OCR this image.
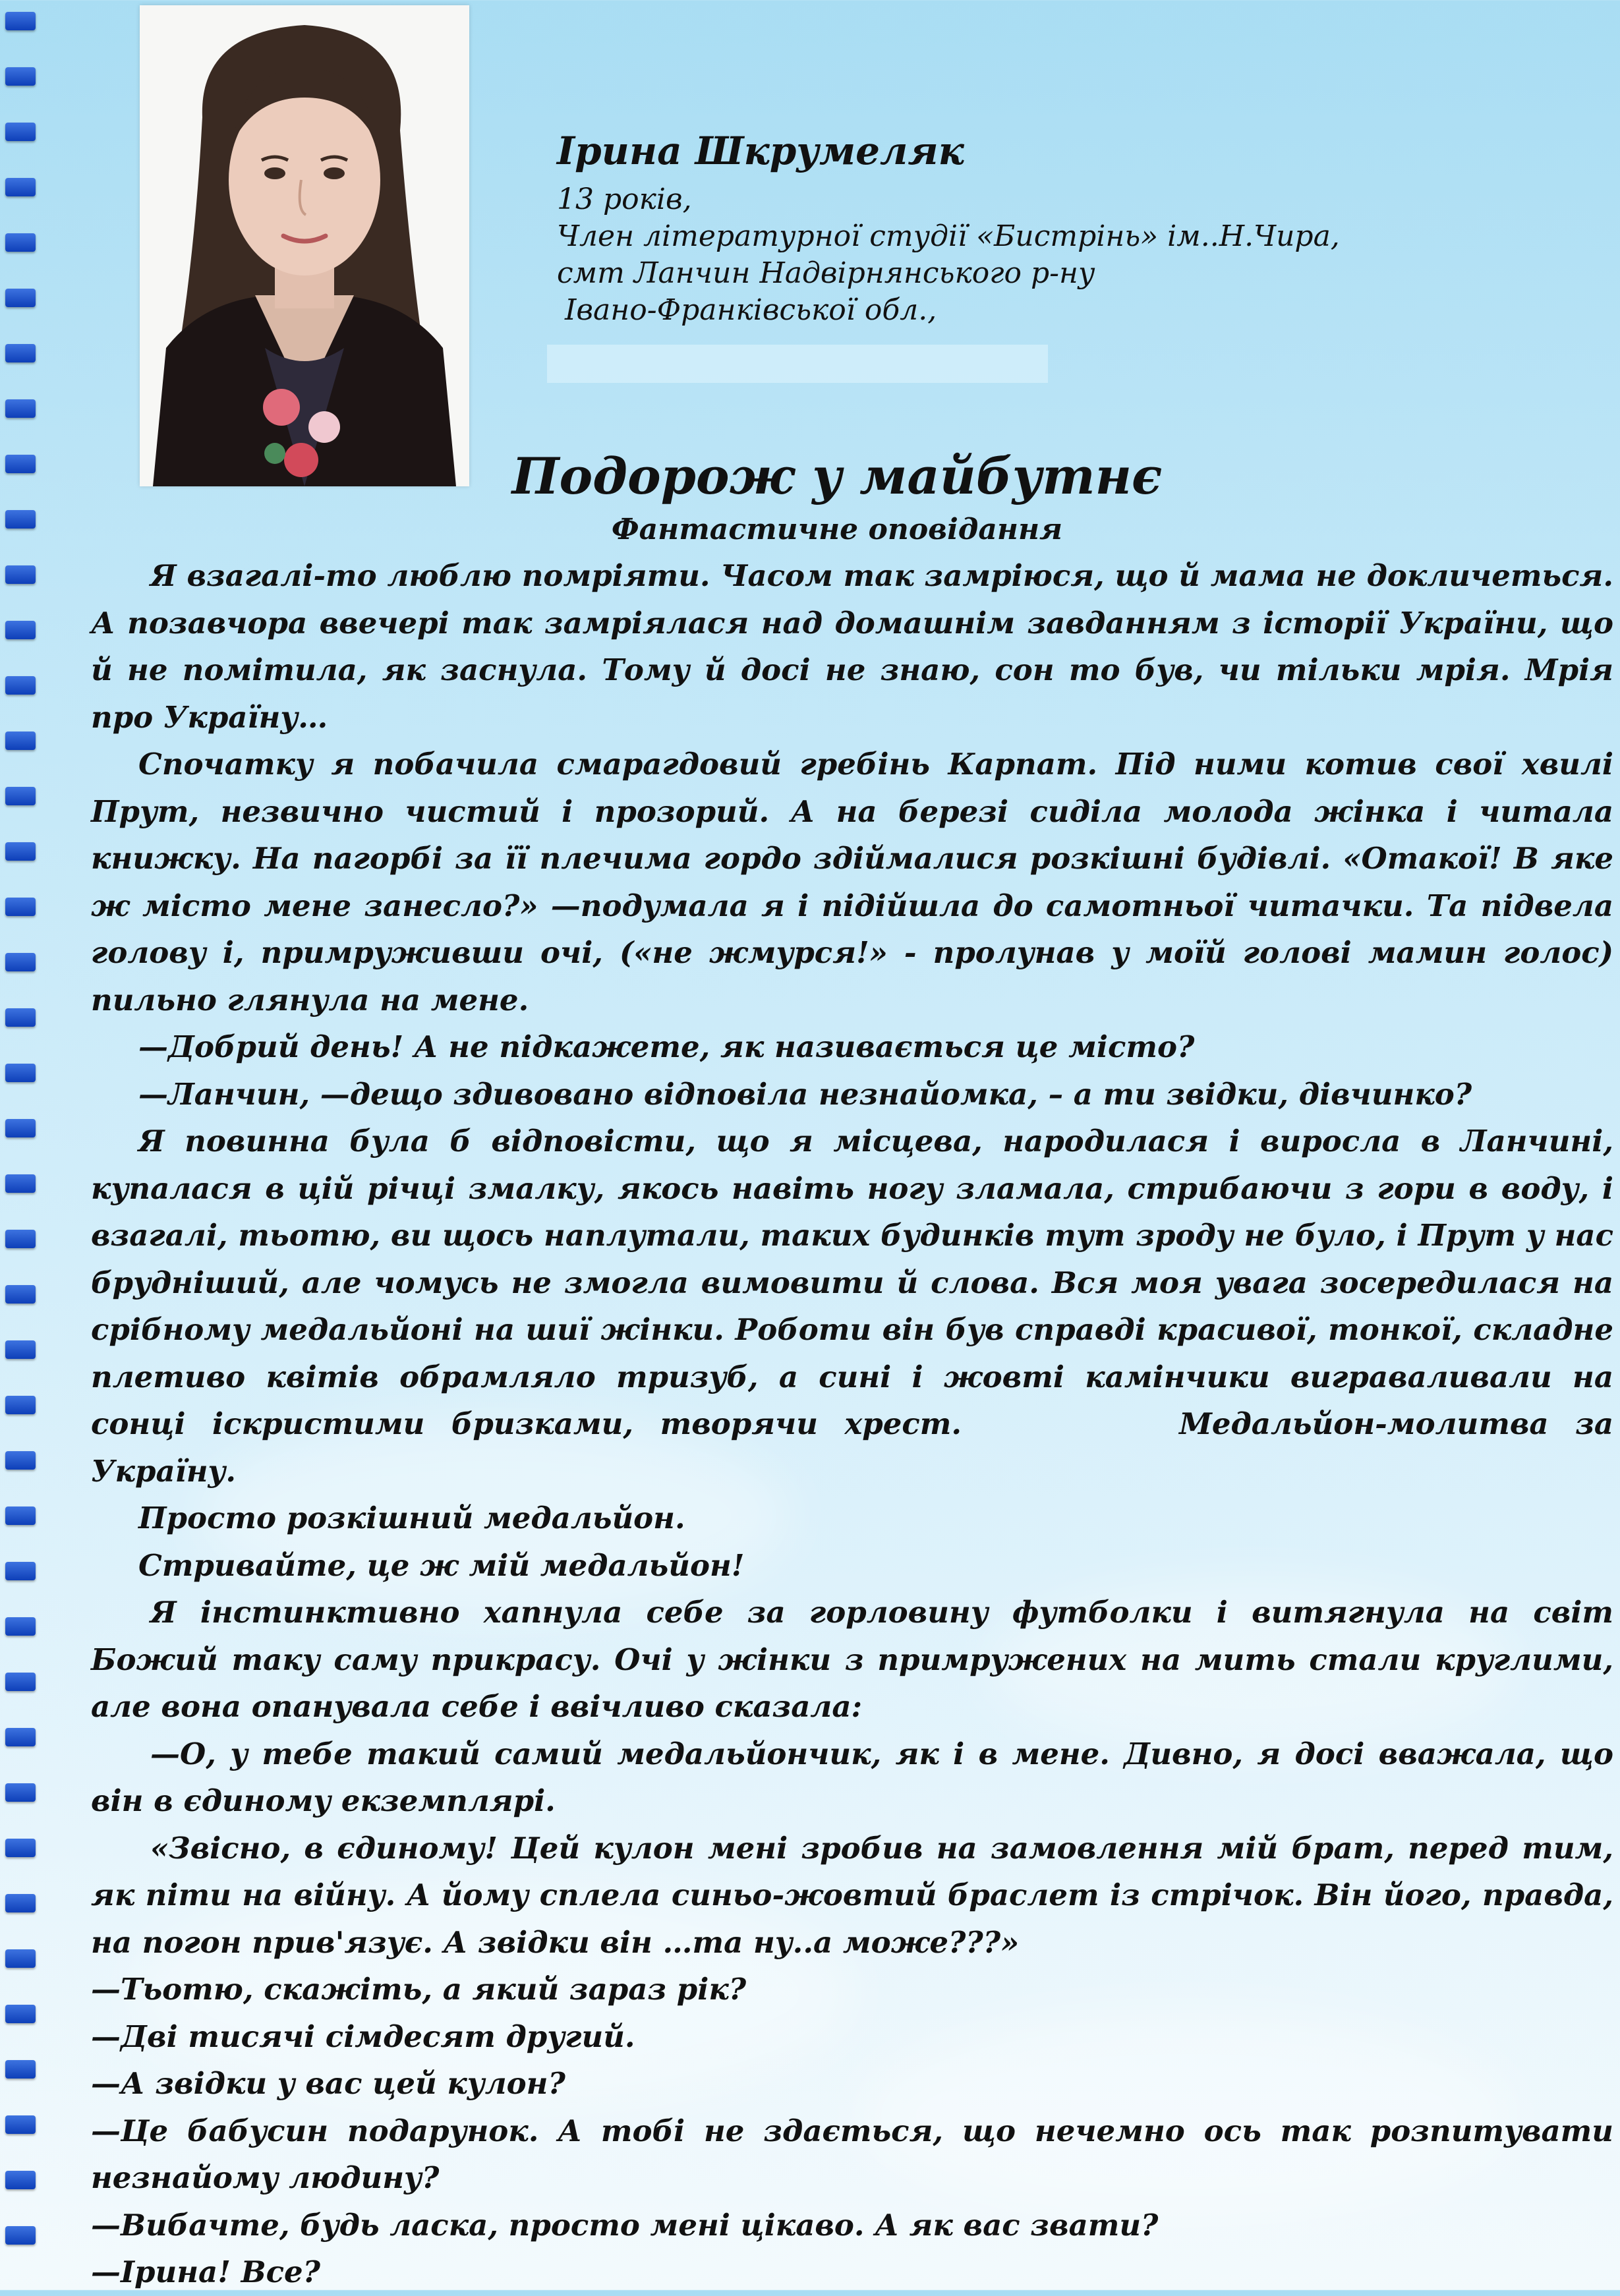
Ірина Шкрумеляк
13 років,
Член літературної студії «Бистрінь» ім..Н.Чира,
смт Ланчин Надвірнянського р-ну
Івано-Франківської обл.,
Подорож у майбутнє
Фантастичне оповідання

Я взагалі-то люблю помріяти. Часом так замріюся, що й мама не докличеться. А позавчора ввечері так замріялася над домашнім завданням з історії України, що й не помітила, як заснула. Тому й досі не знаю, сон то був, чи тільки мрія. Мрія про Україну…

Спочатку я побачила смарагдовий гребінь Карпат. Під ними котив свої хвилі Прут, незвично чистий і прозорий. А на березі сиділа молода жінка і читала книжку. На пагорбі за її плечима гордо здіймалися розкішні будівлі. «Отакої! В яке ж місто мене занесло?» —подумала я і підійшла до самотньої читачки. Та підвела голову і, примруживши очі, («не жмурся!» - пролунав у моїй голові мамин голос) пильно глянула на мене.

—Добрий день! А не підкажете, як називається це місто?

—Ланчин, —дещо здивовано відповіла незнайомка, – а ти звідки, дівчинко?

Я повинна була б відповісти, що я місцева, народилася і виросла в Ланчині, купалася в цій річці змалку, якось навіть ногу зламала, стрибаючи з гори в воду, і взагалі, тьотю, ви щось наплутали, таких будинків тут зроду не було, і Прут у нас брудніший, але чомусь не змогла вимовити й слова. Вся моя увага зосередилася на срібному медальйоні на шиї жінки. Роботи він був справді красивої, тонкої, складне плетиво квітів обрамляло тризуб, а сині і жовті камінчики виграваливали на сонці іскристими бризками, творячи хрест.	Медальйон-молитва за Україну.

Просто розкішний медальйон.

Стривайте, це ж мій медальйон!

Я інстинктивно хапнула себе за горловину футболки і витягнула на світ Божий таку саму прикрасу. Очі у жінки з примружених на мить стали круглими, але вона опанувала себе і ввічливо сказала:

—О, у тебе такий самий медальйончик, як і в мене. Дивно, я досі вважала, що він в єдиному екземплярі.

«Звісно, в єдиному! Цей кулон мені зробив на замовлення мій брат, перед тим, як піти на війну. А йому сплела синьо-жовтий браслет із стрічок. Він його, правда, на погон прив'язує. А звідки він …та ну..а може???»

—Тьотю, скажіть, а який зараз рік?

—Дві тисячі сімдесят другий.

—А звідки у вас цей кулон?

—Це бабусин подарунок. А тобі не здається, що нечемно ось так розпитувати незнайому людину?

—Вибачте, будь ласка, просто мені цікаво. А як вас звати?

—Ірина! Все?
